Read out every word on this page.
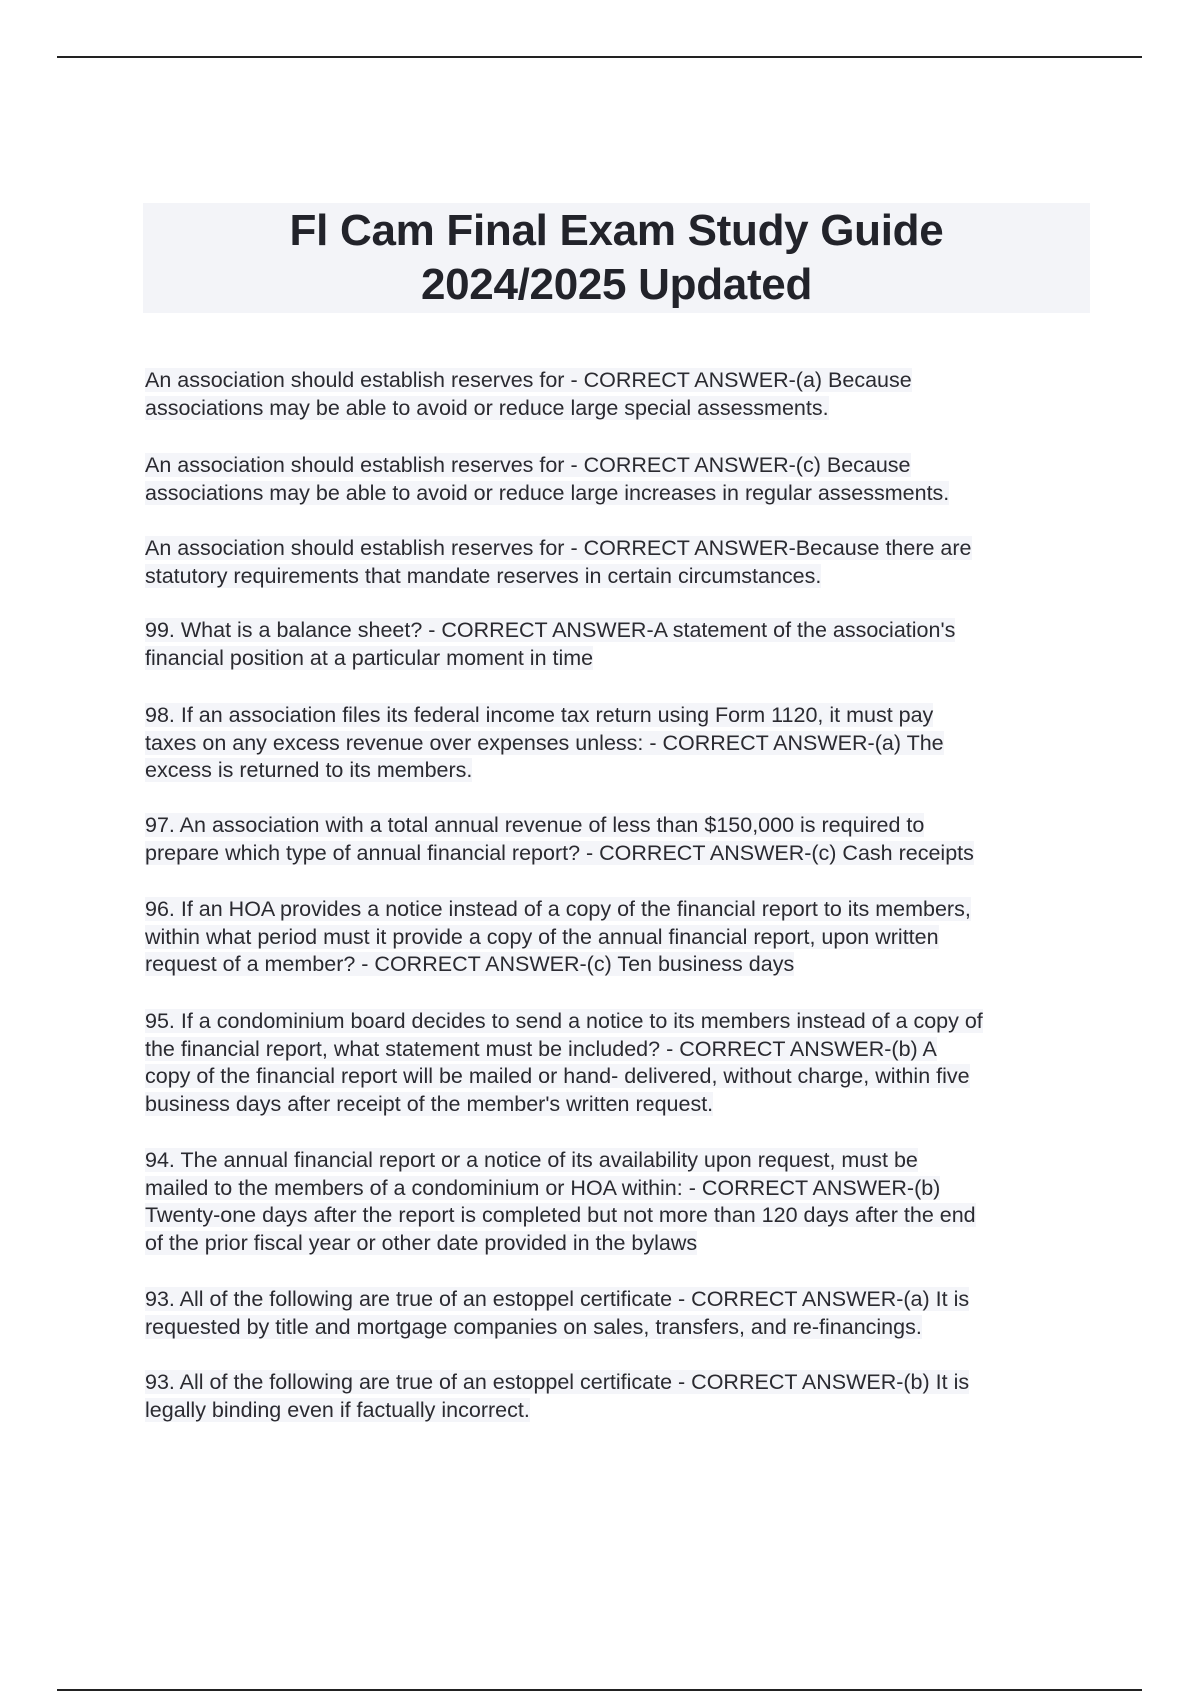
Fl Cam Final Exam Study Guide
2024/2025 Updated
An association should establish reserves for - CORRECT ANSWER-(a) Because
associations may be able to avoid or reduce large special assessments.
An association should establish reserves for - CORRECT ANSWER-(c) Because
associations may be able to avoid or reduce large increases in regular assessments.
An association should establish reserves for - CORRECT ANSWER-Because there are
statutory requirements that mandate reserves in certain circumstances.
99. What is a balance sheet? - CORRECT ANSWER-A statement of the association's
financial position at a particular moment in time
98. If an association files its federal income tax return using Form 1120, it must pay
taxes on any excess revenue over expenses unless: - CORRECT ANSWER-(a) The
excess is returned to its members.
97. An association with a total annual revenue of less than $150,000 is required to
prepare which type of annual financial report? - CORRECT ANSWER-(c) Cash receipts
96. If an HOA provides a notice instead of a copy of the financial report to its members,
within what period must it provide a copy of the annual financial report, upon written
request of a member? - CORRECT ANSWER-(c) Ten business days
95. If a condominium board decides to send a notice to its members instead of a copy of
the financial report, what statement must be included? - CORRECT ANSWER-(b) A
copy of the financial report will be mailed or hand- delivered, without charge, within five
business days after receipt of the member's written request.
94. The annual financial report or a notice of its availability upon request, must be
mailed to the members of a condominium or HOA within: - CORRECT ANSWER-(b)
Twenty-one days after the report is completed but not more than 120 days after the end
of the prior fiscal year or other date provided in the bylaws
93. All of the following are true of an estoppel certificate - CORRECT ANSWER-(a) It is
requested by title and mortgage companies on sales, transfers, and re-financings.
93. All of the following are true of an estoppel certificate - CORRECT ANSWER-(b) It is
legally binding even if factually incorrect.
